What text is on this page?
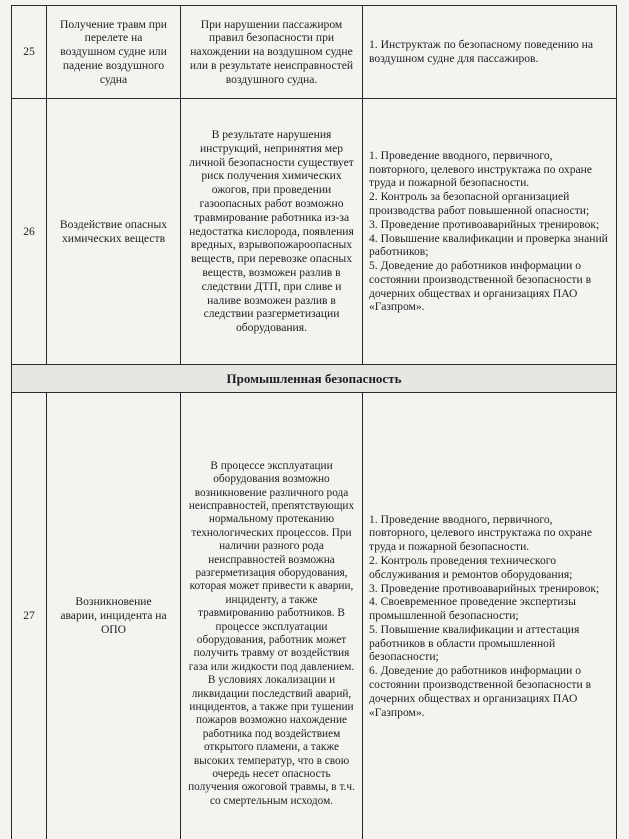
25
Получение травм при перелете на воздушном судне или падение воздушного судна
При нарушении пассажиром правил безопасности при нахождении на воздушном судне или в результате неисправностей воздушного судна.
1. Инструктаж по безопасному поведению на воздушном судне для пассажиров.
26
Воздействие опасных химических веществ
В результате нарушения инструкций, непринятия мер личной безопасности существует риск получения химических ожогов, при проведении газоопасных работ возможно травмирование работника из-за недостатка кислорода, появления вредных, взрывопожароопасных веществ, при перевозке опасных веществ, возможен разлив в следствии ДТП, при сливе и наливе возможен разлив в следствии разгерметизации оборудования.
1. Проведение вводного, первичного, повторного, целевого инструктажа по охране труда и пожарной безопасности.
2. Контроль за безопасной организацией производства работ повышенной опасности;
3. Проведение противоаварийных тренировок;
4. Повышение квалификации и проверка знаний работников;
5. Доведение до работников информации о состоянии производственной безопасности в дочерних обществах и организациях ПАО «Газпром».
Промышленная безопасность
27
Возникновение аварии, инцидента на ОПО
В процессе эксплуатации оборудования возможно возникновение различного рода неисправностей, препятствующих нормальному протеканию технологических процессов. При наличии разного рода неисправностей возможна разгерметизация оборудования, которая может привести к аварии, инциденту, а также травмированию работников. В процессе эксплуатации оборудования, работник может получить травму от воздействия газа или жидкости под давлением. В условиях локализации и ликвидации последствий аварий, инцидентов, а также при тушении пожаров возможно нахождение работника под воздействием открытого пламени, а также высоких температур, что в свою очередь несет опасность получения ожоговой травмы, в т.ч. со смертельным исходом.
1. Проведение вводного, первичного, повторного, целевого инструктажа по охране труда и пожарной безопасности.
2. Контроль проведения технического обслуживания и ремонтов оборудования;
3. Проведение противоаварийных тренировок;
4. Своевременное проведение экспертизы промышленной безопасности;
5. Повышение квалификации и аттестация работников в области промышленной безопасности;
6. Доведение до работников информации о состоянии производственной безопасности в дочерних обществах и организациях ПАО «Газпром».
